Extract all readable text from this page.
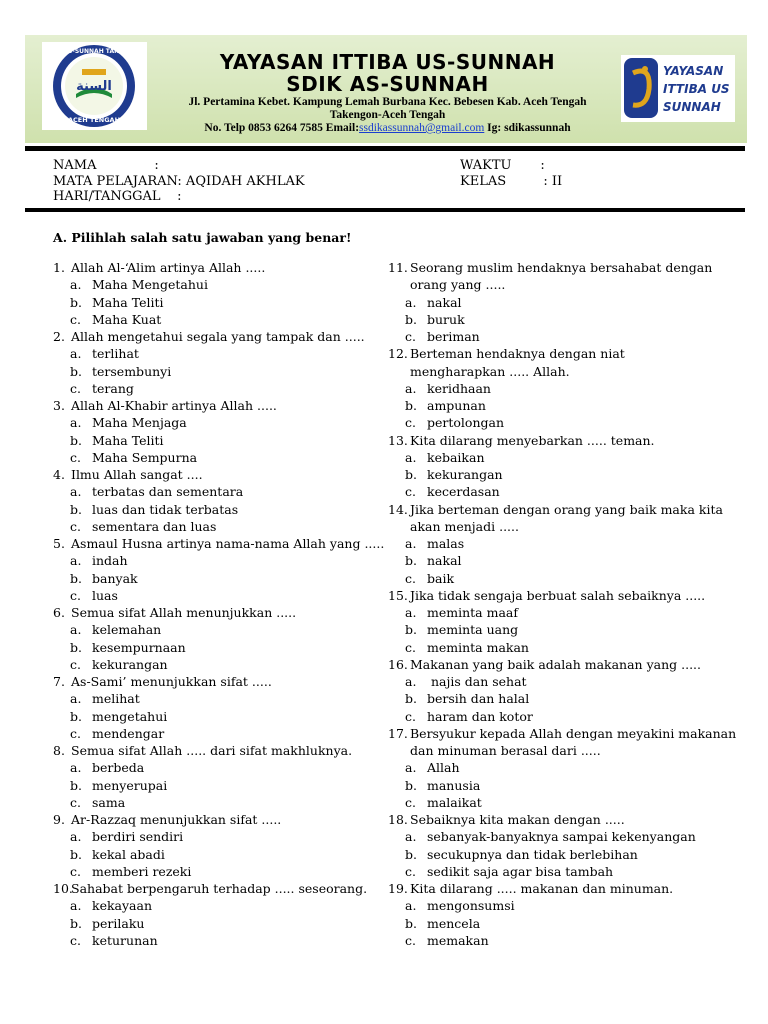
السنة
ACEH TENGAH
SDIK AS-SUNNAH TAKENGON
YAYASAN
ITTIBA US
SUNNAH
YAYASAN ITTIBA US-SUNNAH
SDIK AS-SUNNAH
Jl. Pertamina Kebet. Kampung Lemah Burbana Kec. Bebesen Kab. Aceh Tengah
Takengon-Aceh Tengah
No. Telp 0853 6264 7585 Email:ssdikassunnah@gmail.com Ig: sdikassunnah
NAMA              :
MATA PELAJARAN: AQIDAH AKHLAK
HARI/TANGGAL    :
WAKTU       :
KELAS         : II
A. Pilihlah salah satu jawaban yang benar!
1. Allah Al-‘Alim artinya Allah .....
a. Maha Mengetahui
b. Maha Teliti
c. Maha Kuat
2. Allah mengetahui segala yang tampak dan .....
a. terlihat
b. tersembunyi
c. terang
3. Allah Al-Khabir artinya Allah .....
a. Maha Menjaga
b. Maha Teliti
c. Maha Sempurna
4. Ilmu Allah sangat ....
a. terbatas dan sementara
b. luas dan tidak terbatas
c. sementara dan luas
5. Asmaul Husna artinya nama-nama Allah yang .....
a. indah
b. banyak
c. luas
6. Semua sifat Allah menunjukkan .....
a. kelemahan
b. kesempurnaan
c. kekurangan
7. As-Sami’ menunjukkan sifat .....
a. melihat
b. mengetahui
c. mendengar
8. Semua sifat Allah ..... dari sifat makhluknya.
a. berbeda
b. menyerupai
c. sama
9. Ar-Razzaq menunjukkan sifat .....
a. berdiri sendiri
b. kekal abadi
c. memberi rezeki
10.Sahabat berpengaruh terhadap ..... seseorang.
a. kekayaan
b. perilaku
c. keturunan
11. Seorang muslim hendaknya bersahabat dengan
orang yang .....
a. nakal
b. buruk
c. beriman
12. Berteman hendaknya dengan niat
mengharapkan ..... Allah.
a. keridhaan
b. ampunan
c. pertolongan
13. Kita dilarang menyebarkan ..... teman.
a. kebaikan
b. kekurangan
c. kecerdasan
14. Jika berteman dengan orang yang baik maka kita
akan menjadi .....
a. malas
b. nakal
c. baik
15. Jika tidak sengaja berbuat salah sebaiknya .....
a. meminta maaf
b. meminta uang
c. meminta makan
16. Makanan yang baik adalah makanan yang .....
a. najis dan sehat
b. bersih dan halal
c. haram dan kotor
17. Bersyukur kepada Allah dengan meyakini makanan
dan minuman berasal dari .....
a. Allah
b. manusia
c. malaikat
18. Sebaiknya kita makan dengan .....
a. sebanyak-banyaknya sampai kekenyangan
b. secukupnya dan tidak berlebihan
c. sedikit saja agar bisa tambah
19. Kita dilarang ..... makanan dan minuman.
a. mengonsumsi
b. mencela
c. memakan
